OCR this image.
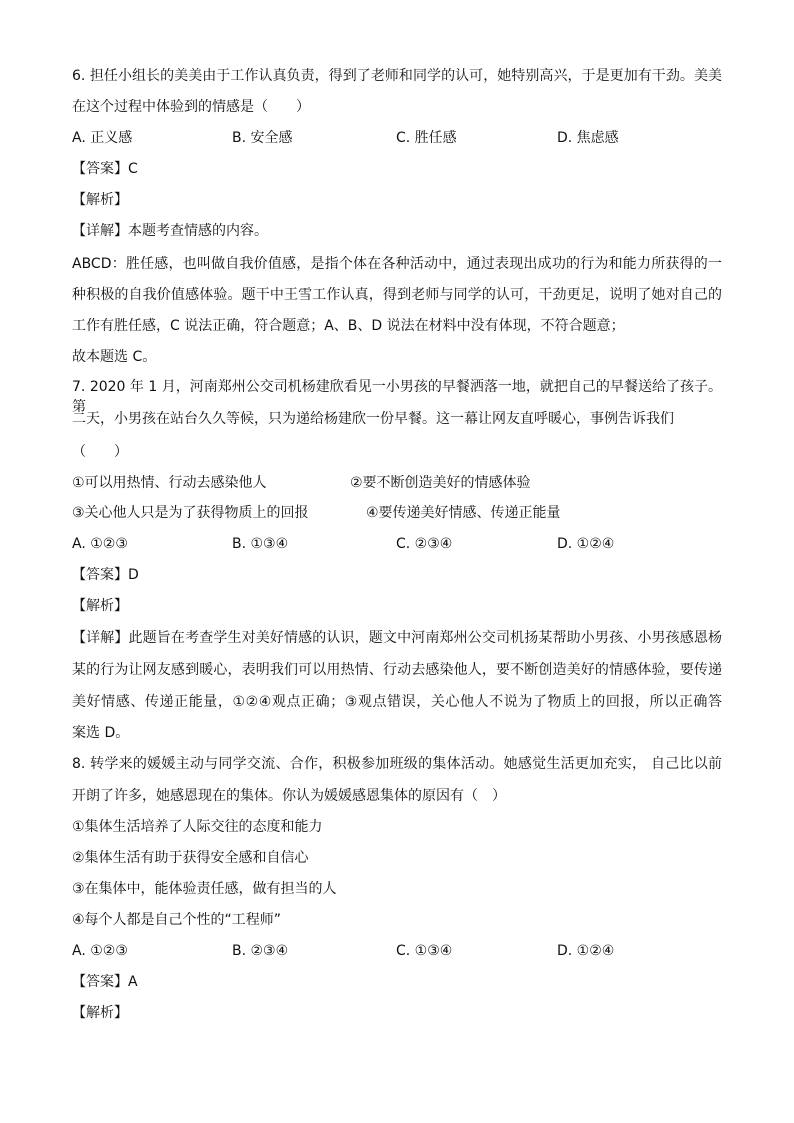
6. 担任小组长的美美由于工作认真负责，得到了老师和同学的认可，她特别高兴，于是更加有干劲。美美
在这个过程中体验到的情感是（　　）
A. 正义感	B. 安全感	C. 胜任感	D. 焦虑感
【答案】C
【解析】
【详解】本题考查情感的内容。
ABCD：胜任感，也叫做自我价值感，是指个体在各种活动中，通过表现出成功的行为和能力所获得的一
种积极的自我价值感体验。题干中王雪工作认真，得到老师与同学的认可，干劲更足，说明了她对自己的
工作有胜任感，C 说法正确，符合题意；A、B、D 说法在材料中没有体现，不符合题意；
故本题选 C。
7. 2020 年 1 月，河南郑州公交司机杨建欣看见一小男孩的早餐洒落一地，就把自己的早餐送给了孩子。第
二天，小男孩在站台久久等候，只为递给杨建欣一份早餐。这一幕让网友直呼暖心，事例告诉我们
（　　）
①可以用热情、行动去感染他人	②要不断创造美好的情感体验
③关心他人只是为了获得物质上的回报	④要传递美好情感、传递正能量
A. ①②③	B. ①③④	C. ②③④	D. ①②④
【答案】D
【解析】
【详解】此题旨在考查学生对美好情感的认识，题文中河南郑州公交司机扬某帮助小男孩、小男孩感恩杨
某的行为让网友感到暖心，表明我们可以用热情、行动去感染他人，要不断创造美好的情感体验，要传递
美好情感、传递正能量，①②④观点正确；③观点错误，关心他人不说为了物质上的回报，所以正确答
案选 D。
8. 转学来的媛媛主动与同学交流、合作，积极参加班级的集体活动。她感觉生活更加充实， 自己比以前
开朗了许多，她感恩现在的集体。你认为媛媛感恩集体的原因有（　）
①集体生活培养了人际交往的态度和能力
②集体生活有助于获得安全感和自信心
③在集体中，能体验责任感，做有担当的人
④每个人都是自己个性的“工程师”
A. ①②③	B. ②③④	C. ①③④	D. ①②④
【答案】A
【解析】
